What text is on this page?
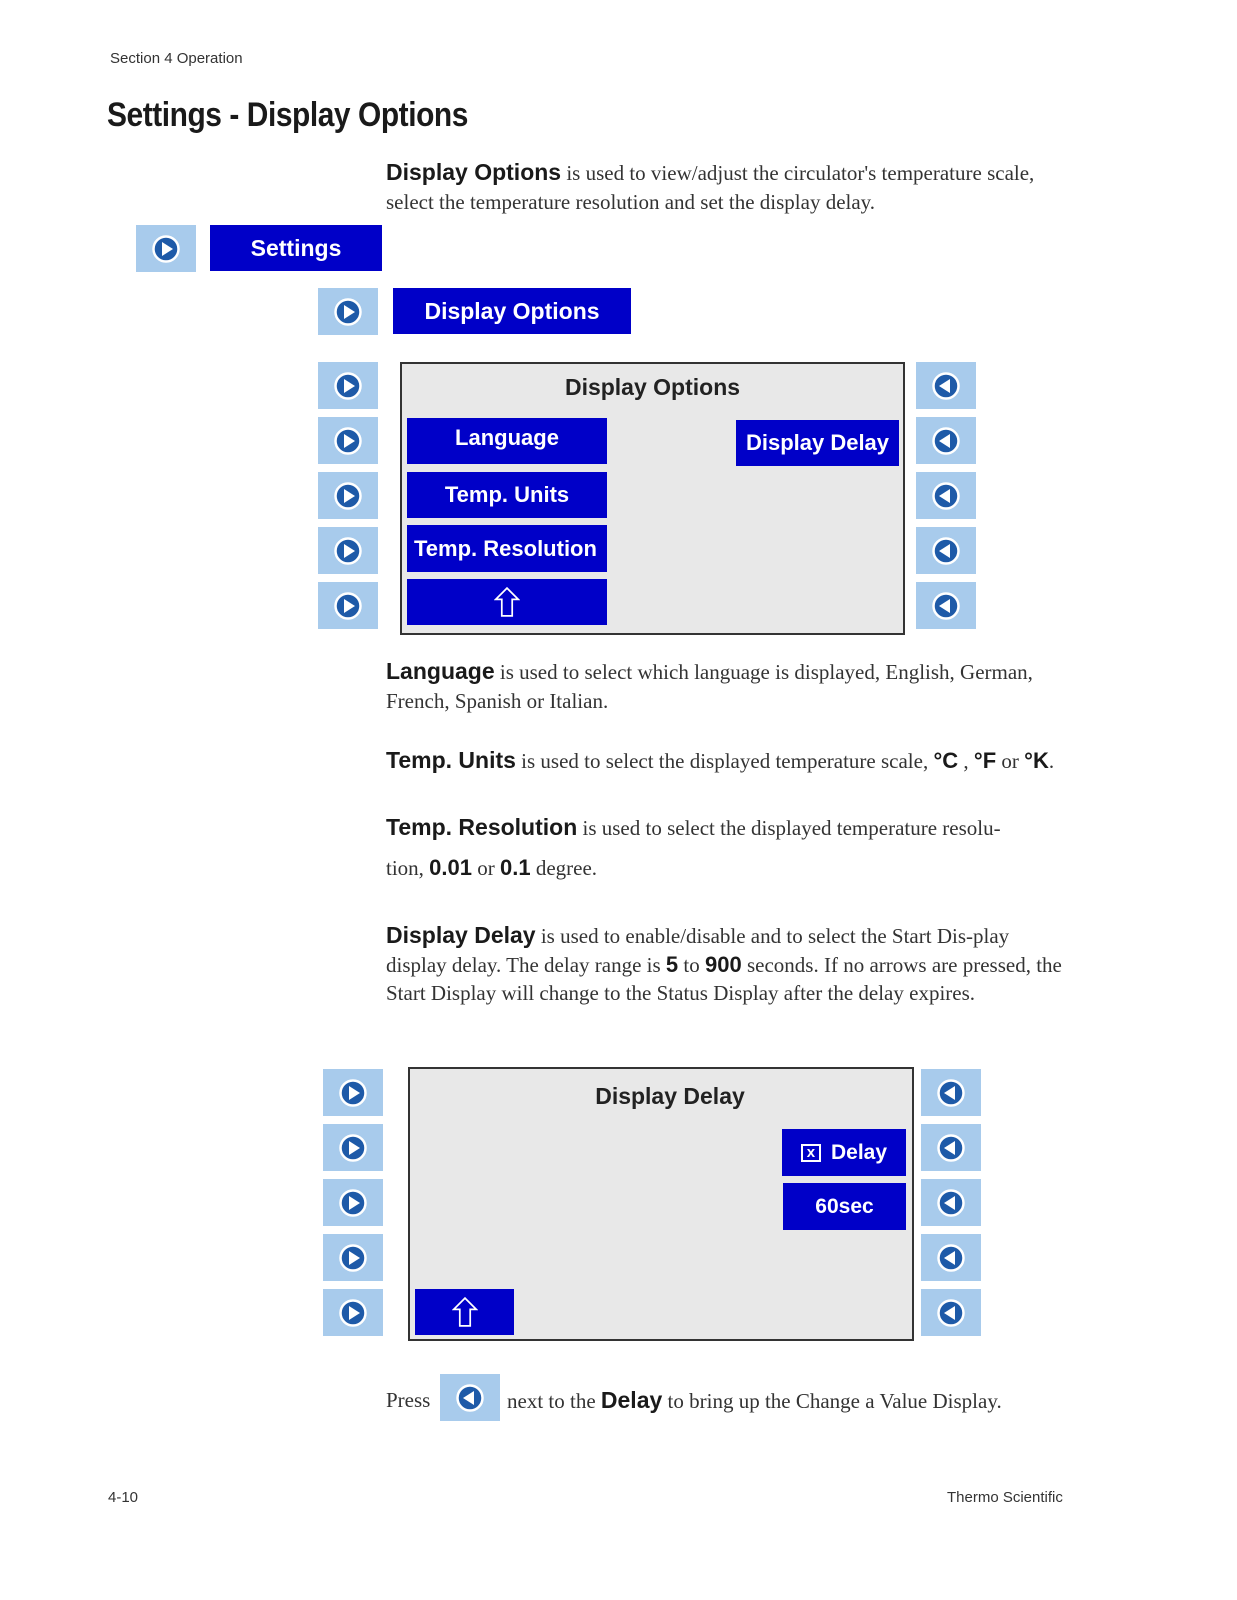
Section 4 Operation
Settings - Display Options
Display Options is used to view/adjust the circulator's temperature scale, select the temperature resolution and set the display delay.
Settings
Display Options
Display Options
Language
Temp. Units
Temp. Resolution
Display Delay
Language is used to select which language is displayed, English, German, French, Spanish or Italian.
Temp. Units is used to select the displayed temperature scale, °C , °F or °K.
Temp. Resolution is used to select the displayed temperature resolu-
tion, 0.01 or 0.1 degree.
Display Delay is used to enable/disable and to select the Start Dis-play display delay. The delay range is 5 to 900 seconds. If no arrows are pressed, the Start Display will change to the Status Display after the delay expires.
Display Delay
x Delay
60sec
Press	next to the Delay to bring up the Change a Value Display.
4-10	Thermo Scientific
